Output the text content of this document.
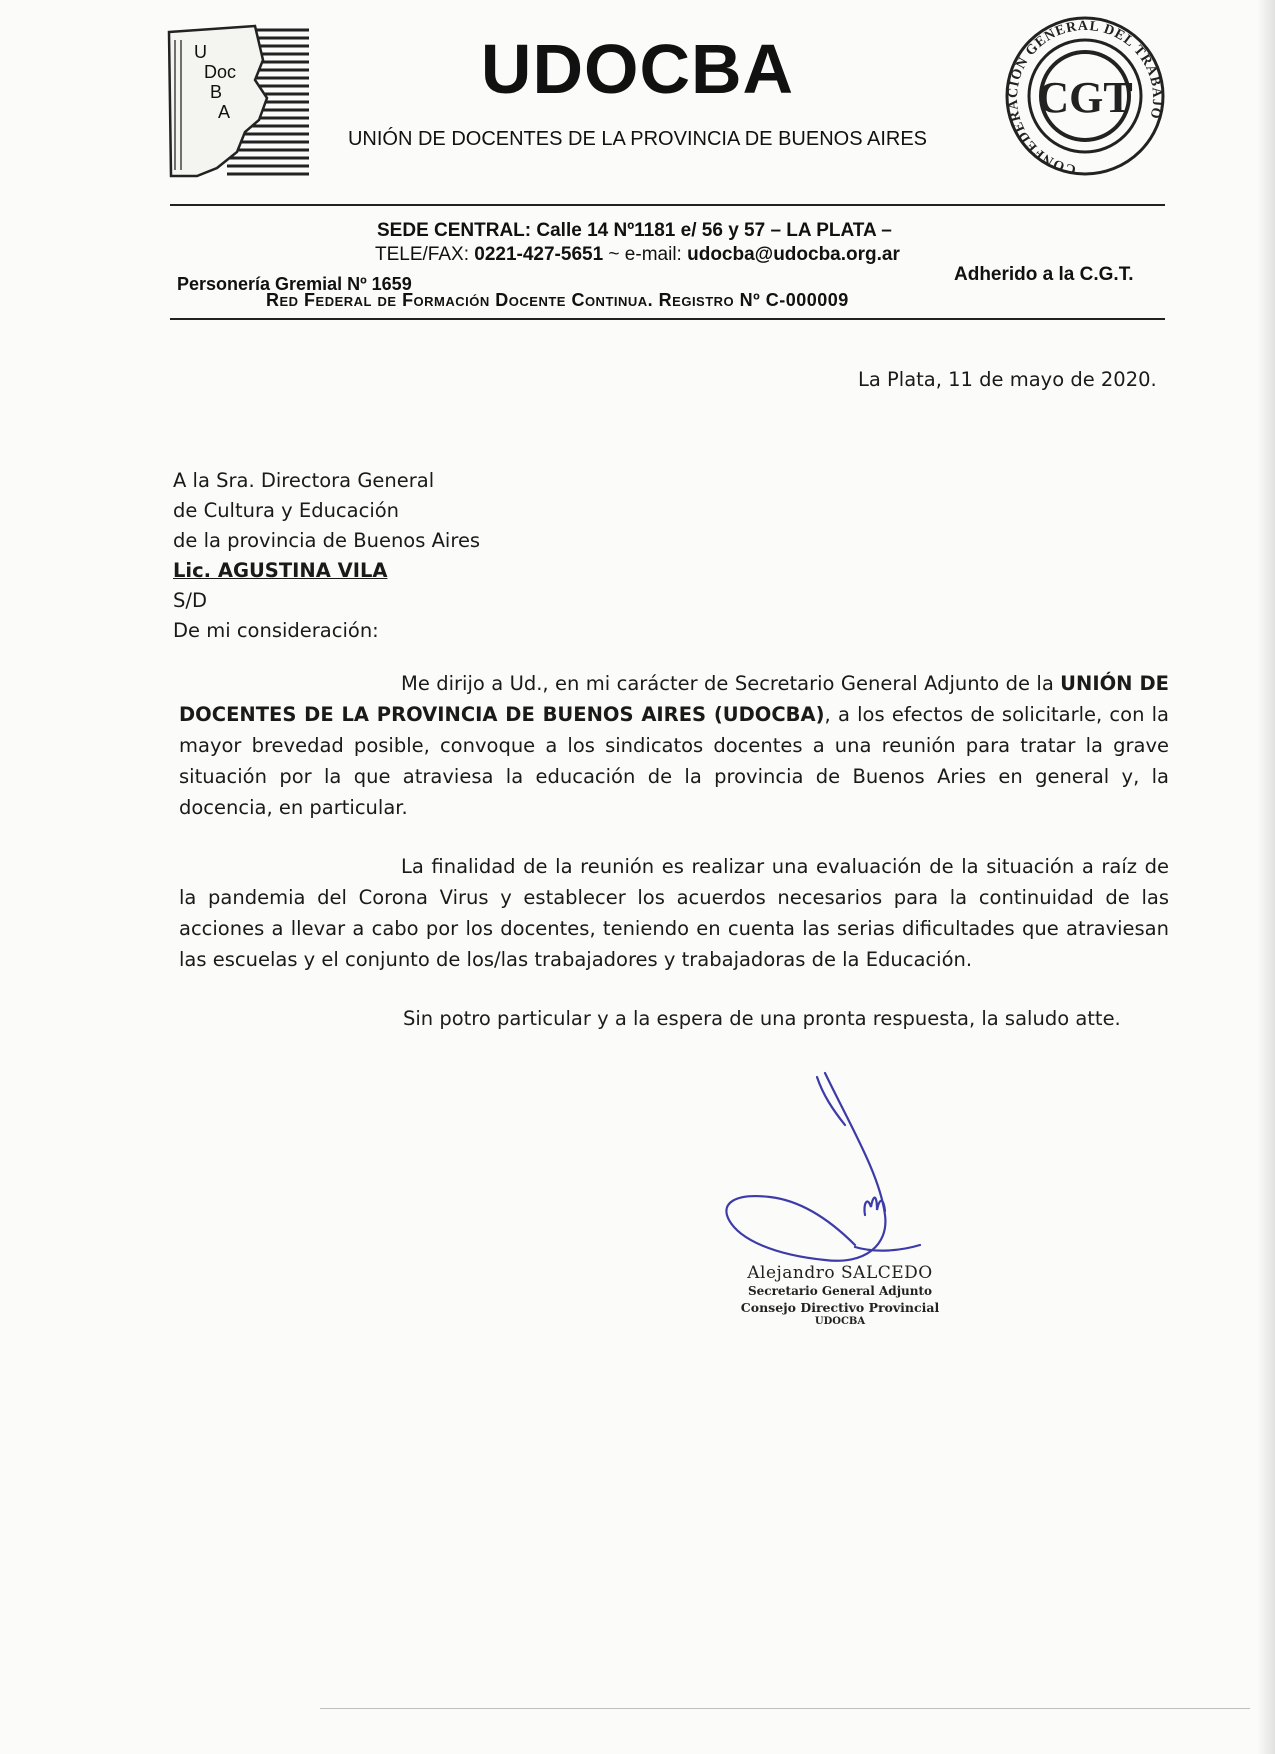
U
Doc
B
A
CONFEDERACION GENERAL DEL TRABAJO
CGT
UDOCBA
UNIÓN DE DOCENTES DE LA PROVINCIA DE BUENOS AIRES
SEDE CENTRAL: Calle 14 Nº1181 e/ 56 y 57 – LA PLATA –
TELE/FAX: 0221-427-5651 ~ e-mail: udocba@udocba.org.ar
Personería Gremial Nº 1659	Adherido a la C.G.T.
Red Federal de Formación Docente Continua. Registro Nº C-000009
La Plata, 11 de mayo de 2020.
A la Sra. Directora General
de Cultura y Educación
de la provincia de Buenos Aires
Lic. AGUSTINA VILA
S/D
De mi consideración:
Me dirijo a Ud., en mi carácter de Secretario General Adjunto de la UNIÓN DE DOCENTES DE LA PROVINCIA DE BUENOS AIRES (UDOCBA), a los efectos de solicitarle, con la mayor brevedad posible, convoque a los sindicatos docentes a una reunión para tratar la grave situación por la que atraviesa la educación de la provincia de Buenos Aries en general y, la docencia, en particular.
La finalidad de la reunión es realizar una evaluación de la situación a raíz de la pandemia del Corona Virus y establecer los acuerdos necesarios para la continuidad de las acciones a llevar a cabo por los docentes, teniendo en cuenta las serias dificultades que atraviesan las escuelas y el conjunto de los/las trabajadores y trabajadoras de la Educación.
Sin potro particular y a la espera de una pronta respuesta, la saludo atte.
Alejandro SALCEDO
Secretario General Adjunto
Consejo Directivo Provincial
UDOCBA
